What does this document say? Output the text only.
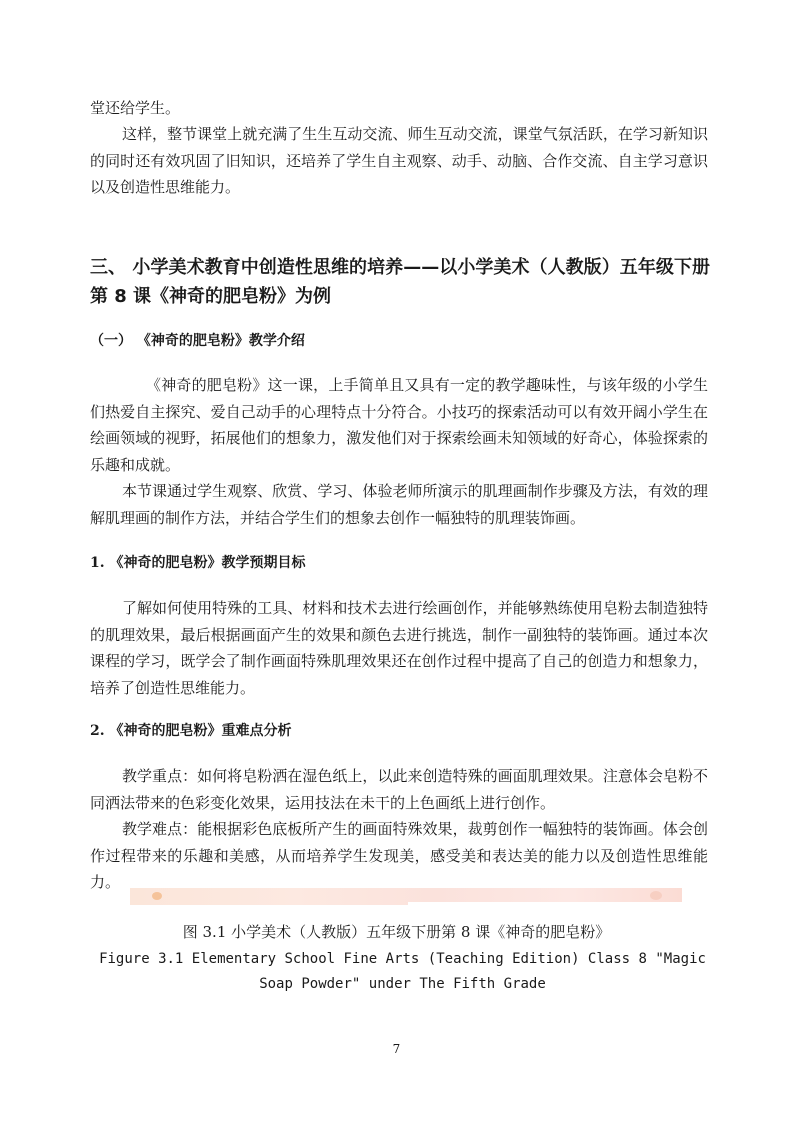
堂还给学生。

这样，整节课堂上就充满了生生互动交流、师生互动交流，课堂气氛活跃，在学习新知识的同时还有效巩固了旧知识，还培养了学生自主观察、动手、动脑、合作交流、自主学习意识以及创造性思维能力。

三、 小学美术教育中创造性思维的培养——以小学美术（人教版）五年级下册第 8 课《神奇的肥皂粉》为例
（一） 《神奇的肥皂粉》教学介绍

《神奇的肥皂粉》这一课，上手简单且又具有一定的教学趣味性，与该年级的小学生们热爱自主探究、爱自己动手的心理特点十分符合。小技巧的探索活动可以有效开阔小学生在绘画领域的视野，拓展他们的想象力，激发他们对于探索绘画未知领域的好奇心，体验探索的乐趣和成就。

本节课通过学生观察、欣赏、学习、体验老师所演示的肌理画制作步骤及方法，有效的理解肌理画的制作方法，并结合学生们的想象去创作一幅独特的肌理装饰画。

1. 《神奇的肥皂粉》教学预期目标

了解如何使用特殊的工具、材料和技术去进行绘画创作，并能够熟练使用皂粉去制造独特的肌理效果，最后根据画面产生的效果和颜色去进行挑选，制作一副独特的装饰画。通过本次课程的学习，既学会了制作画面特殊肌理效果还在创作过程中提高了自己的创造力和想象力，培养了创造性思维能力。

2. 《神奇的肥皂粉》重难点分析

教学重点：如何将皂粉洒在湿色纸上，以此来创造特殊的画面肌理效果。注意体会皂粉不同洒法带来的色彩变化效果，运用技法在未干的上色画纸上进行创作。

教学难点：能根据彩色底板所产生的画面特殊效果，裁剪创作一幅独特的装饰画。体会创作过程带来的乐趣和美感，从而培养学生发现美，感受美和表达美的能力以及创造性思维能力。

图 3.1 小学美术（人教版）五年级下册第 8 课《神奇的肥皂粉》

Figure 3.1 Elementary School Fine Arts (Teaching Edition) Class 8 "Magic Soap Powder" under The Fifth Grade

7
